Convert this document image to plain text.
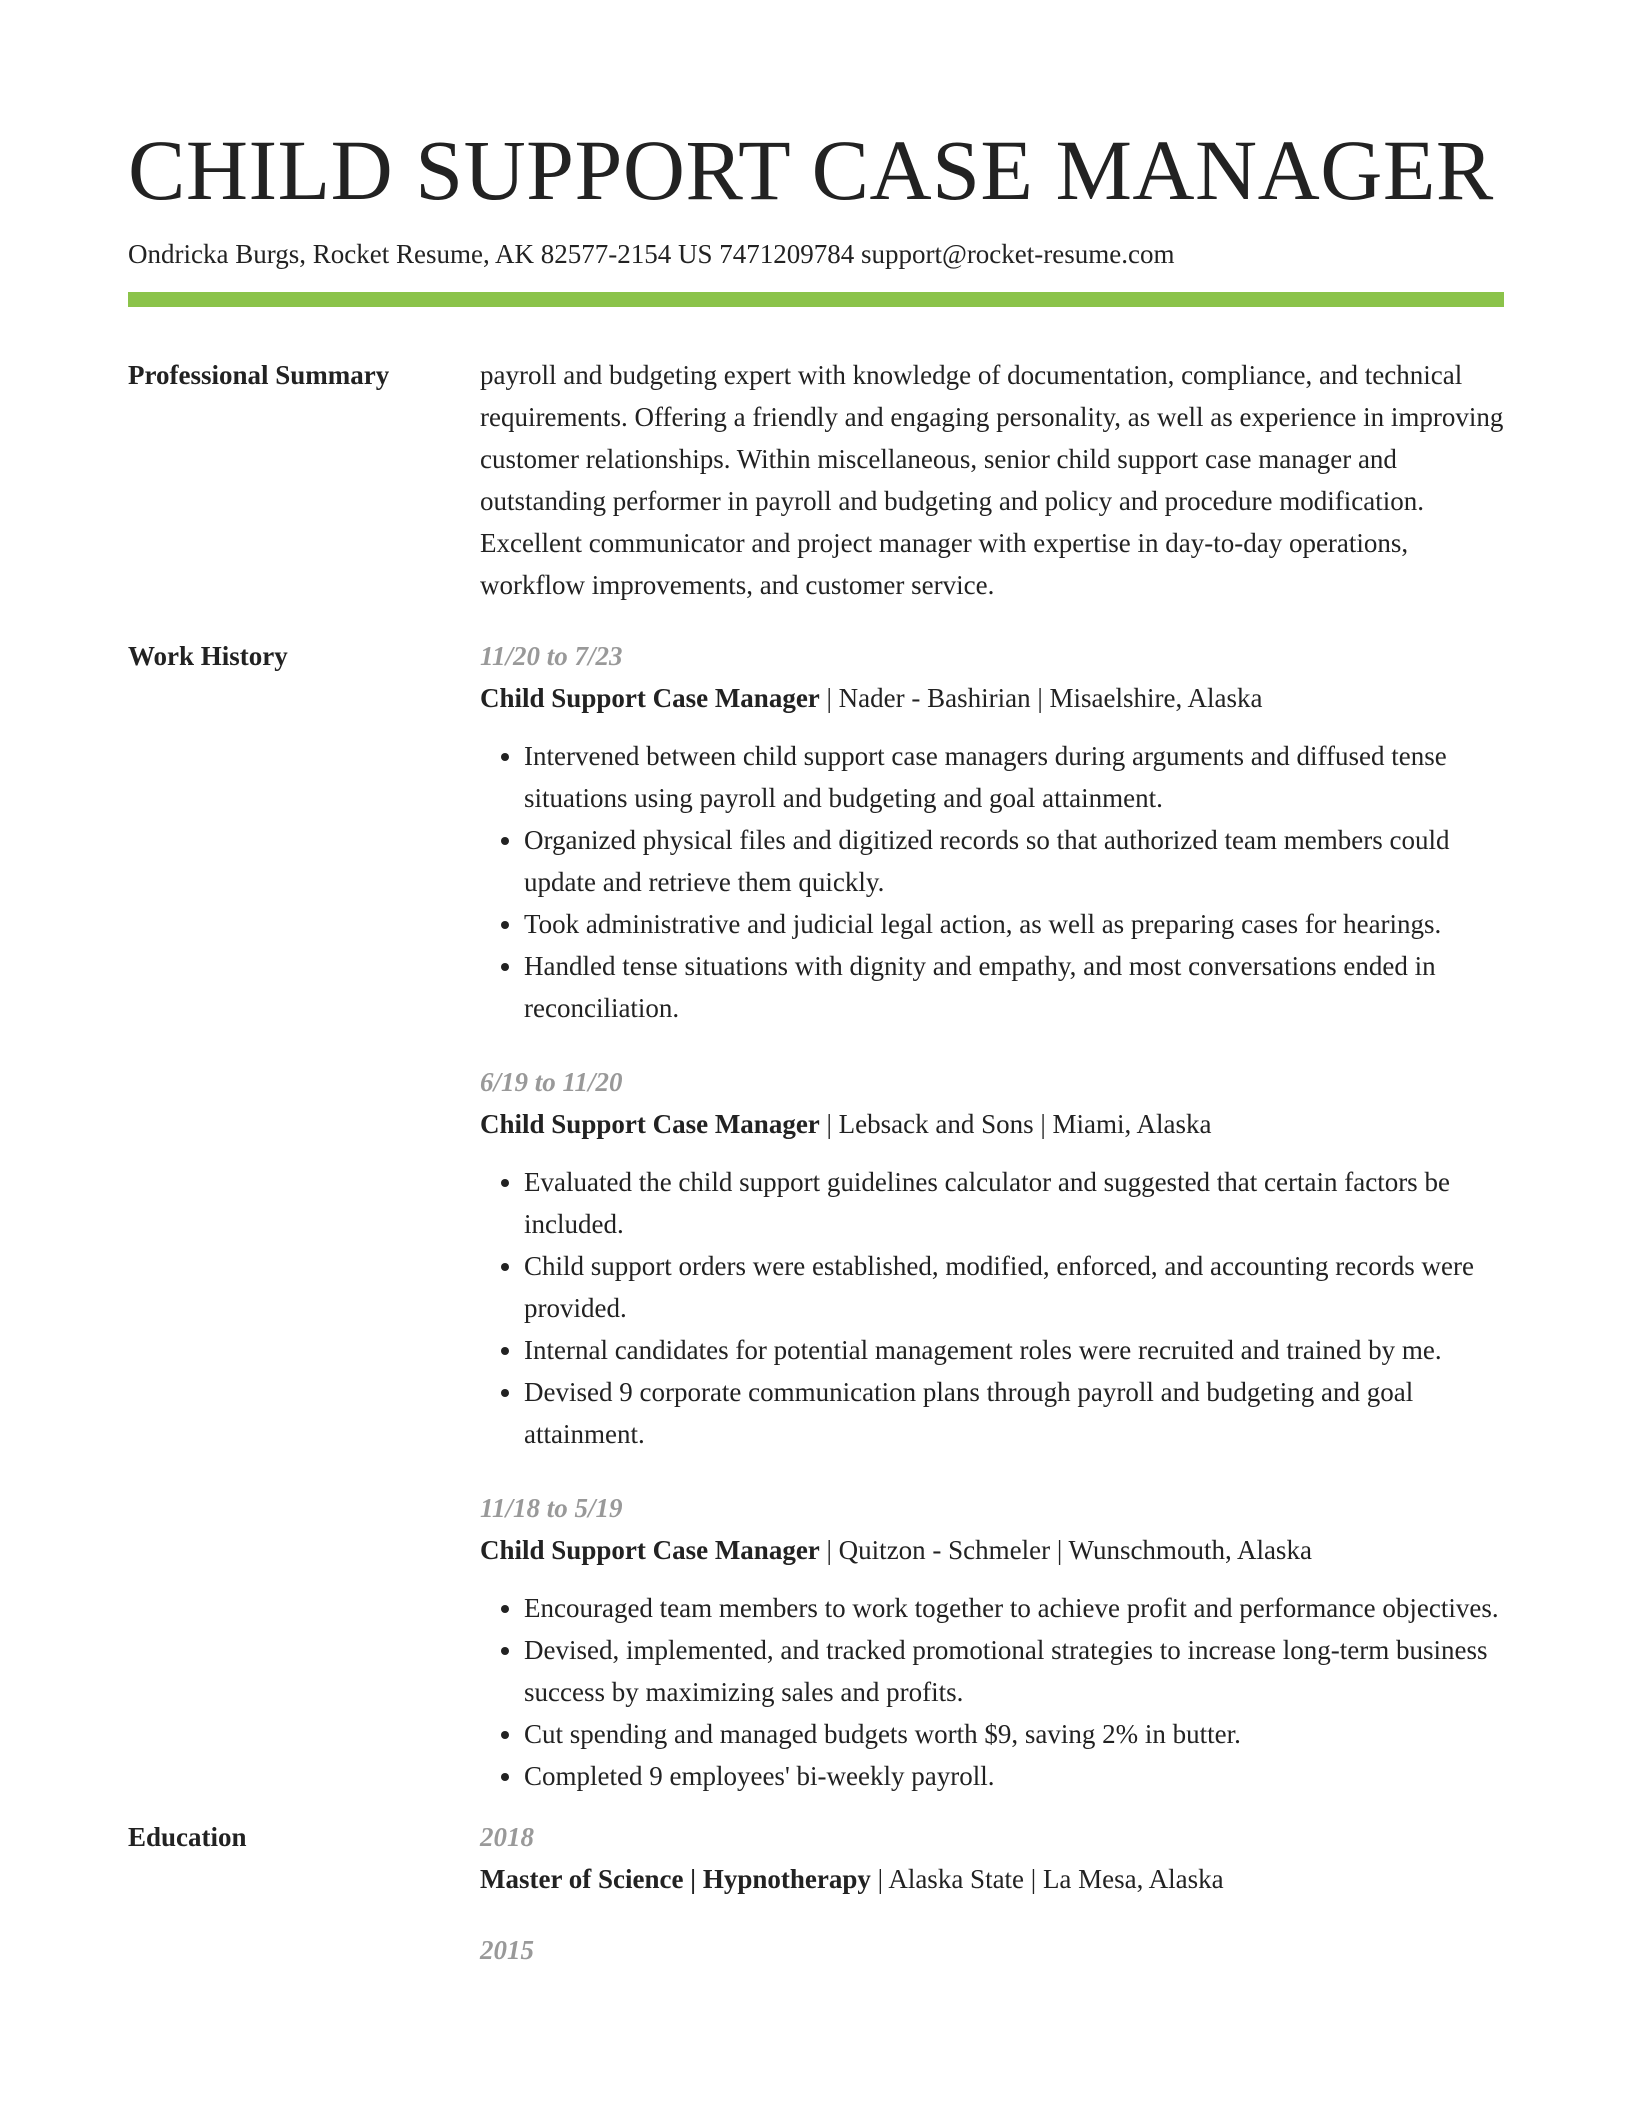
CHILD SUPPORT CASE MANAGER
Ondricka Burgs, Rocket Resume, AK 82577-2154 US 7471209784 support@rocket-resume.com
Professional Summary	payroll and budgeting expert with knowledge of documentation, compliance, and technical requirements. Offering a friendly and engaging personality, as well as experience in improving customer relationships. Within miscellaneous, senior child support case manager and outstanding performer in payroll and budgeting and policy and procedure modification. Excellent communicator and project manager with expertise in day-to-day operations, workflow improvements, and customer service.

Work History	11/20 to 7/23
Child Support Case Manager | Nader - Bashirian | Misaelshire, Alaska
• Intervened between child support case managers during arguments and diffused tense situations using payroll and budgeting and goal attainment.
• Organized physical files and digitized records so that authorized team members could update and retrieve them quickly.
• Took administrative and judicial legal action, as well as preparing cases for hearings.
• Handled tense situations with dignity and empathy, and most conversations ended in reconciliation.
6/19 to 11/20
Child Support Case Manager | Lebsack and Sons | Miami, Alaska
• Evaluated the child support guidelines calculator and suggested that certain factors be included.
• Child support orders were established, modified, enforced, and accounting records were provided.
• Internal candidates for potential management roles were recruited and trained by me.
• Devised 9 corporate communication plans through payroll and budgeting and goal attainment.
11/18 to 5/19
Child Support Case Manager | Quitzon - Schmeler | Wunschmouth, Alaska
• Encouraged team members to work together to achieve profit and performance objectives.
• Devised, implemented, and tracked promotional strategies to increase long-term business success by maximizing sales and profits.
• Cut spending and managed budgets worth $9, saving 2% in butter.
• Completed 9 employees' bi-weekly payroll.
Education	2018
Master of Science | Hypnotherapy | Alaska State | La Mesa, Alaska
2015
